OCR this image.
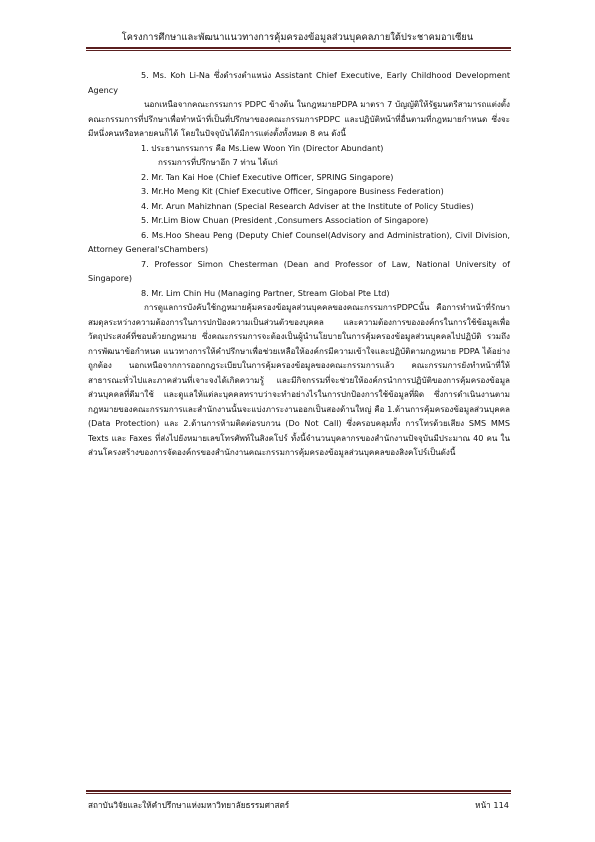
โครงการศึกษาและพัฒนาแนวทางการคุ้มครองข้อมูลส่วนบุคคลภายใต้ประชาคมอาเซียน

5. Ms. Koh Li-Na ซึ่งดำรงตำแหน่ง Assistant Chief Executive, Early Childhood Development Agency

นอกเหนือจากคณะกรรมการ PDPC ข้างต้น ในกฎหมายPDPA มาตรา 7 บัญญัติให้รัฐมนตรีสามารถแต่งตั้งคณะกรรมการที่ปรึกษาเพื่อทำหน้าที่เป็นที่ปรึกษาของคณะกรรมการPDPC และปฏิบัติหน้าที่อื่นตามที่กฎหมายกำหนด ซึ่งจะมีหนึ่งคนหรือหลายคนก็ได้ โดยในปัจจุบันได้มีการแต่งตั้งทั้งหมด 8 คน ดังนี้

1. ประธานกรรมการ คือ Ms.Liew Woon Yin (Director Abundant)

กรรมการที่ปรึกษาอีก 7 ท่าน ได้แก่

2. Mr. Tan Kai Hoe (Chief Executive Officer, SPRING Singapore)

3. Mr.Ho Meng Kit (Chief Executive Officer, Singapore Business Federation)

4. Mr. Arun Mahizhnan (Special Research Adviser at the Institute of Policy Studies)

5. Mr.Lim Biow Chuan (President ,Consumers Association of Singapore)

6. Ms.Hoo Sheau Peng (Deputy Chief Counsel(Advisory and Administration), Civil Division, Attorney General'sChambers)

7. Professor Simon Chesterman (Dean and Professor of Law, National University of Singapore)

8. Mr. Lim Chin Hu (Managing Partner, Stream Global Pte Ltd)

การดูแลการบังคับใช้กฎหมายคุ้มครองข้อมูลส่วนบุคคลของคณะกรรมการPDPCนั้น คือการทำหน้าที่รักษาสมดุลระหว่างความต้องการในการปกป้องความเป็นส่วนตัวของบุคคล และความต้องการขององค์กรในการใช้ข้อมูลเพื่อวัตถุประสงค์ที่ชอบด้วยกฎหมาย ซึ่งคณะกรรมการจะต้องเป็นผู้นำนโยบายในการคุ้มครองข้อมูลส่วนบุคคลไปปฏิบัติ รวมถึงการพัฒนาข้อกำหนด แนวทางการให้คำปรึกษาเพื่อช่วยเหลือให้องค์กรมีความเข้าใจและปฏิบัติตามกฎหมาย PDPA ได้อย่างถูกต้อง นอกเหนือจากการออกกฎระเบียบในการคุ้มครองข้อมูลของคณะกรรมการแล้ว คณะกรรมการยังทำหน้าที่ให้สาธารณะทั่วไปและภาคส่วนที่เจาะจงได้เกิดความรู้ และมีกิจกรรมที่จะช่วยให้องค์กรนำการปฏิบัติของการคุ้มครองข้อมูลส่วนบุคคลที่ดีมาใช้ และดูแลให้แต่ละบุคคลทราบว่าจะทำอย่างไรในการปกป้องการใช้ข้อมูลที่ผิด ซึ่งการดำเนินงานตามกฎหมายของคณะกรรมการและสำนักงานนั้นจะแบ่งภาระงานออกเป็นสองด้านใหญ่ คือ 1.ด้านการคุ้มครองข้อมูลส่วนบุคคล (Data Protection) และ 2.ด้านการห้ามติดต่อรบกวน (Do Not Call) ซึ่งครอบคลุมทั้ง การโทรด้วยเสียง SMS MMS Texts และ Faxes ที่ส่งไปยังหมายเลขโทรศัพท์ในสิงคโปร์ ทั้งนี้จำนวนบุคลากรของสำนักงานปัจจุบันมีประมาณ 40 คน ในส่วนโครงสร้างของการจัดองค์กรของสำนักงานคณะกรรมการคุ้มครองข้อมูลส่วนบุคคลของสิงคโปร์เป็นดังนี้

สถาบันวิจัยและให้คำปรึกษาแห่งมหาวิทยาลัยธรรมศาสตร์	หน้า 114
